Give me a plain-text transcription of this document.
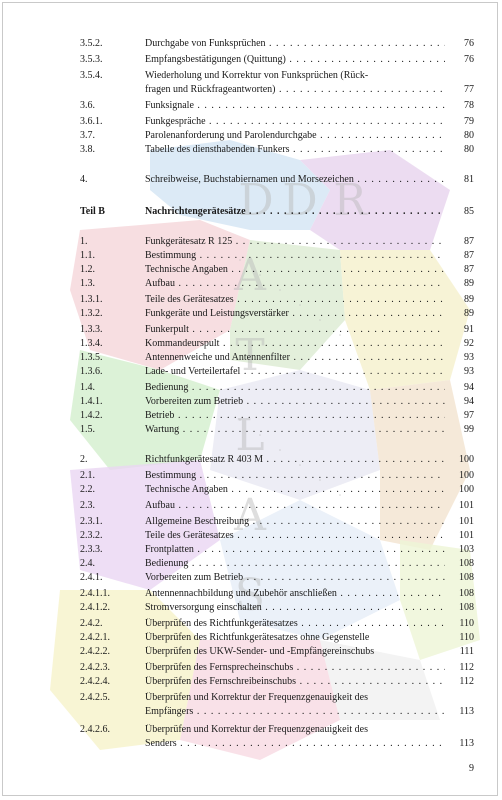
D D R
A
T
L
A
S
3.5.2.	Durchgabe von Funksprüchen . . .	76
3.5.3.	Empfangsbestätigungen (Quittung) . . .	76
3.5.4.	Wiederholung und Korrektur von Funksprüchen (Rück-
fragen und Rückfrageantworten) . . .	77
3.6.	Funksignale . . .	78
3.6.1.	Funkgespräche . . .	79
3.7.	Parolenanforderung und Parolendurchgabe . . .	80
3.8.	Tabelle des diensthabenden Funkers . . .	80
4.	Schreibweise, Buchstabiernamen und Morsezeichen . . .	81
Teil B	Nachrichtengerätesätze . . .	85
1.	Funkgerätesatz R 125 . . .	87
1.1.	Bestimmung . . .	87
1.2.	Technische Angaben . . .	87
1.3.	Aufbau . . .	89
1.3.1.	Teile des Gerätesatzes . . .	89
1.3.2.	Funkgeräte und Leistungsverstärker . . .	89
1.3.3.	Funkerpult . . .	91
1.3.4.	Kommandeurspult . . .	92
1.3.5.	Antennenweiche und Antennenfilter . . .	93
1.3.6.	Lade- und Verteilertafel . . .	93
1.4.	Bedienung . . .	94
1.4.1.	Vorbereiten zum Betrieb . . .	94
1.4.2.	Betrieb . . .	97
1.5.	Wartung . . .	99
2.	Richtfunkgerätesatz R 403 M . . .	100
2.1.	Bestimmung . . .	100
2.2.	Technische Angaben . . .	100
2.3.	Aufbau . . .	101
2.3.1.	Allgemeine Beschreibung . . .	101
2.3.2.	Teile des Gerätesatzes . . .	101
2.3.3.	Frontplatten . . .	103
2.4.	Bedienung . . .	108
2.4.1.	Vorbereiten zum Betrieb . . .	108
2.4.1.1.	Antennennachbildung und Zubehör anschließen . . .	108
2.4.1.2.	Stromversorgung einschalten . . .	108
2.4.2.	Überprüfen des Richtfunkgerätesatzes . . .	110
2.4.2.1.	Überprüfen des Richtfunkgerätesatzes ohne Gegenstelle	110
2.4.2.2.	Überprüfen des UKW-Sender- und -Empfängereinschubs	111
2.4.2.3.	Überprüfen des Fernsprecheinschubs . . .	112
2.4.2.4.	Überprüfen des Fernschreibeinschubs . . .	112
2.4.2.5.	Überprüfen und Korrektur der Frequenzgenauigkeit des
Empfängers . . .	113
2.4.2.6.	Überprüfen und Korrektur der Frequenzgenauigkeit des
Senders . . .	113
9
